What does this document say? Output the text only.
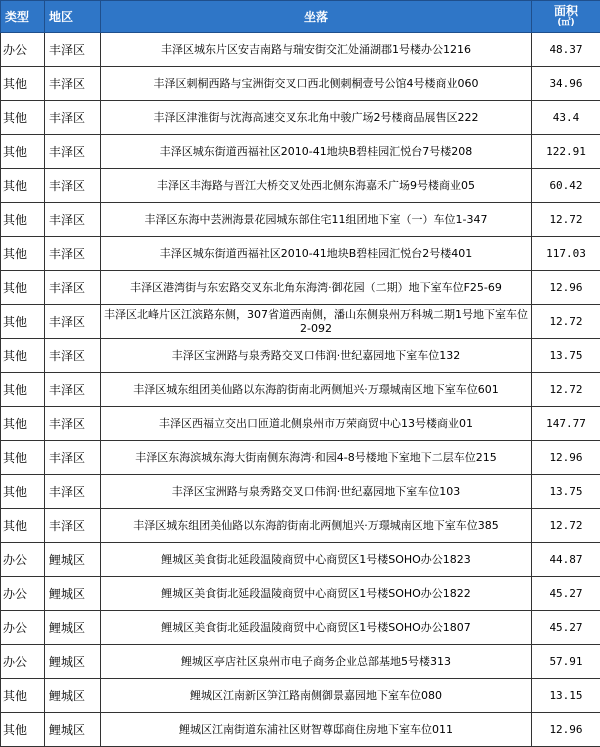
类型	地区	坐落	面积
(㎡)

办公	丰泽区	丰泽区城东片区安吉南路与瑞安街交汇处涌湖郡1号楼办公1216	48.37
其他	丰泽区	丰泽区刺桐西路与宝洲街交叉口西北侧刺桐壹号公馆4号楼商业060	34.96
其他	丰泽区	丰泽区津淮街与沈海高速交叉东北角中骏广场2号楼商品展售区222	43.4
其他	丰泽区	丰泽区城东街道西福社区2010-41地块B碧桂园汇悦台7号楼208	122.91
其他	丰泽区	丰泽区丰海路与晋江大桥交叉处西北侧东海嘉禾广场9号楼商业05	60.42
其他	丰泽区	丰泽区东海中芸洲海景花园城东部住宅11组团地下室（一）车位1-347	12.72
其他	丰泽区	丰泽区城东街道西福社区2010-41地块B碧桂园汇悦台2号楼401	117.03
其他	丰泽区	丰泽区港湾街与东宏路交叉东北角东海湾·御花园（二期）地下室车位F25-69	12.96
其他	丰泽区	丰泽区北峰片区江滨路东侧，307省道西南侧，潘山东侧泉州万科城二期1号地下室车位2-092	12.72
其他	丰泽区	丰泽区宝洲路与泉秀路交叉口伟润·世纪嘉园地下室车位132	13.75
其他	丰泽区	丰泽区城东组团美仙路以东海韵街南北两侧旭兴·万璟城南区地下室车位601	12.72
其他	丰泽区	丰泽区西福立交出口匝道北侧泉州市万荣商贸中心13号楼商业01	147.77
其他	丰泽区	丰泽区东海滨城东海大街南侧东海湾·和园4-8号楼地下室地下二层车位215	12.96
其他	丰泽区	丰泽区宝洲路与泉秀路交叉口伟润·世纪嘉园地下室车位103	13.75
其他	丰泽区	丰泽区城东组团美仙路以东海韵街南北两侧旭兴·万璟城南区地下室车位385	12.72
办公	鲤城区	鲤城区美食街北延段温陵商贸中心商贸区1号楼SOHO办公1823	44.87
办公	鲤城区	鲤城区美食街北延段温陵商贸中心商贸区1号楼SOHO办公1822	45.27
办公	鲤城区	鲤城区美食街北延段温陵商贸中心商贸区1号楼SOHO办公1807	45.27
办公	鲤城区	鲤城区亭店社区泉州市电子商务企业总部基地5号楼313	57.91
其他	鲤城区	鲤城区江南新区笋江路南侧御景嘉园地下室车位080	13.15
其他	鲤城区	鲤城区江南街道东浦社区财智尊邸商住房地下室车位011	12.96
